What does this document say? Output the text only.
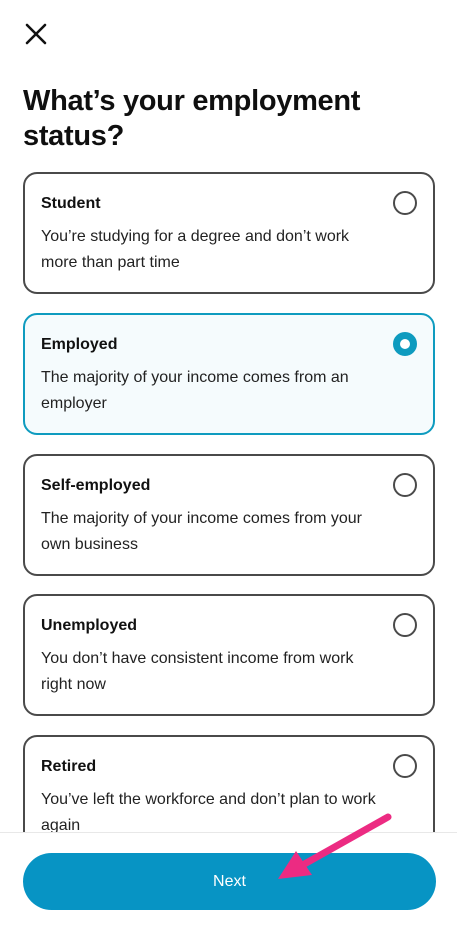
What’s your employment status?
Student
You’re studying for a degree and don’t work more than part time
Employed
The majority of your income comes from an employer
Self-employed
The majority of your income comes from your own business
Unemployed
You don’t have consistent income from work right now
Retired
You’ve left the workforce and don’t plan to work again
Next
